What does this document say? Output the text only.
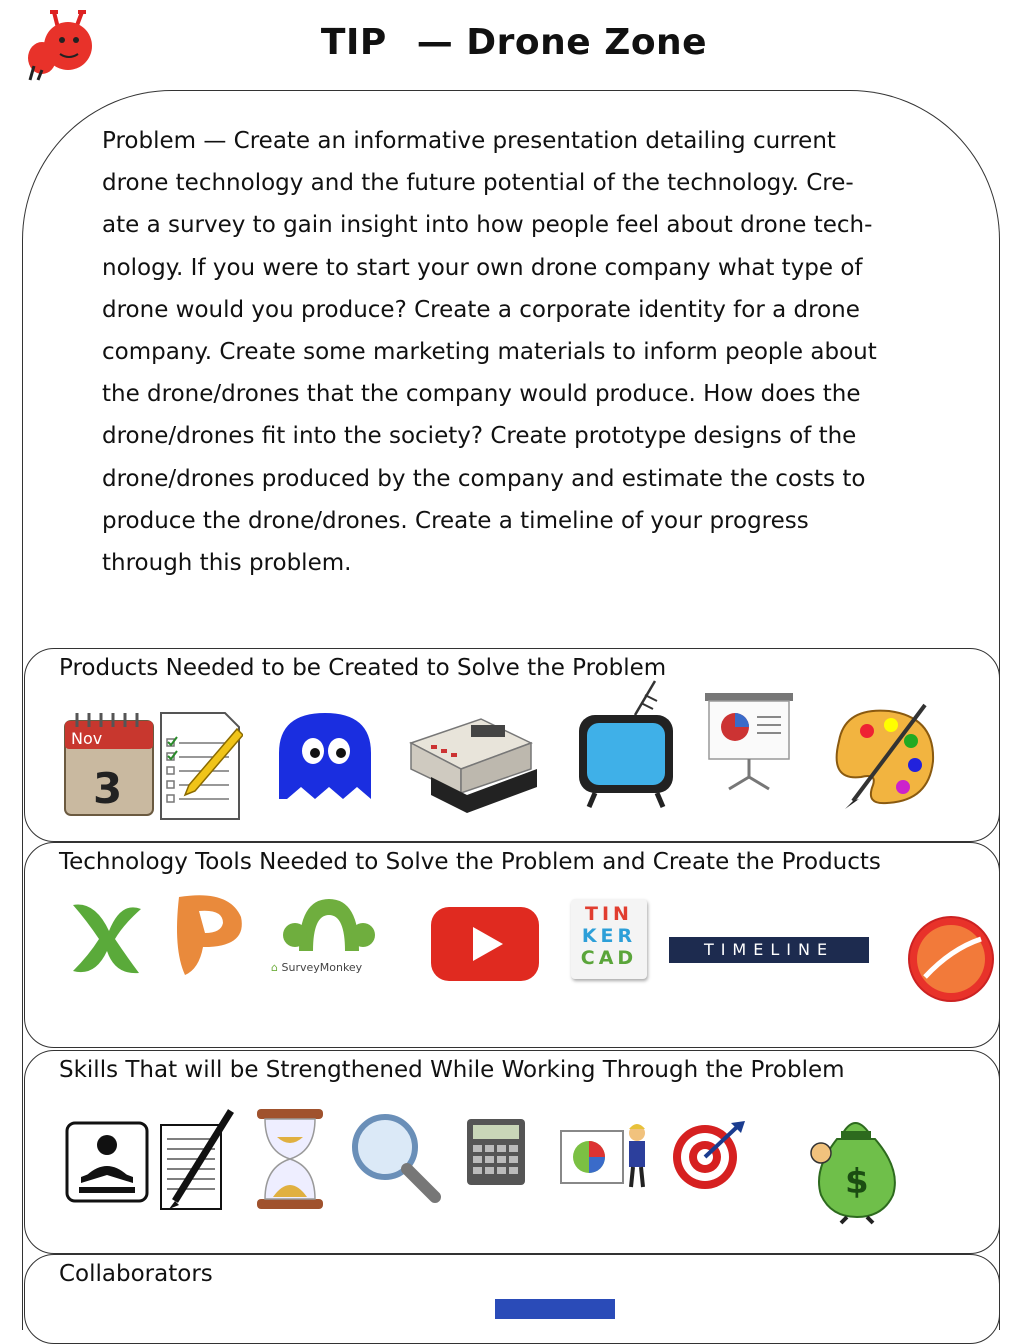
TIP — Drone Zone
Problem — Create an informative presentation detailing current
drone technology and the future potential of the technology. Cre-
ate a survey to gain insight into how people feel about drone tech-
nology. If you were to start your own drone company what type of
drone would you produce? Create a corporate identity for a drone
company. Create some marketing materials to inform people about
the drone/drones that the company would produce. How does the
drone/drones fit into the society? Create prototype designs of the
drone/drones produced by the company and estimate the costs to
produce the drone/drones. Create a timeline of your progress
through this problem.
Products Needed to be Created to Solve the Problem
Nov
3
Technology Tools Needed to Solve the Problem and Create the Products
⌂ SurveyMonkey
TIN
KER
CAD	TIMELINE
Skills That will be Strengthened While Working Through the Problem
$
Collaborators
